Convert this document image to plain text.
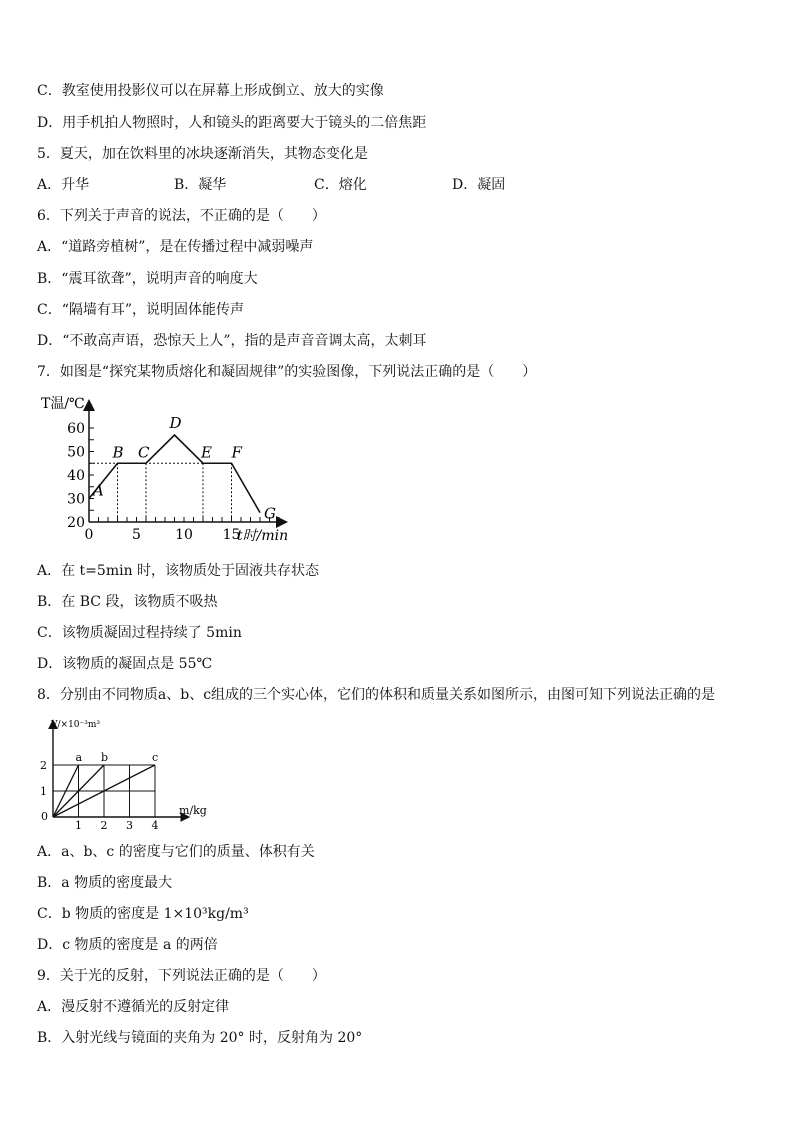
C．教室使用投影仪可以在屏幕上形成倒立、放大的实像

D．用手机拍人物照时，人和镜头的距离要大于镜头的二倍焦距

5．夏天，加在饮料里的冰块逐渐消失，其物态变化是

A．升华	B．凝华	C．熔化	D．凝固

6．下列关于声音的说法，不正确的是（　　）

A．“道路旁植树”，是在传播过程中减弱噪声

B．“震耳欲聋”，说明声音的响度大

C．“隔墙有耳”，说明固体能传声

D．“不敢高声语，恐惊天上人”，指的是声音音调太高，太刺耳

7．如图是“探究某物质熔化和凝固规律”的实验图像，下列说法正确的是（　　）

0	5 10 15
20
30
40
50
60
A
B C
D
E F
G
T温/℃
t时/min

A．在 t=5min 时，该物质处于固液共存状态

B．在 BC 段，该物质不吸热

C．该物质凝固过程持续了 5min

D．该物质的凝固点是 55℃

8．分别由不同物质a、b、c组成的三个实心体，它们的体积和质量关系如图所示，由图可知下列说法正确的是

a b	c
1 2 3 4
1
2
V/×10⁻³m³
m/kg
0

A．a、b、c 的密度与它们的质量、体积有关

B．a 物质的密度最大

C．b 物质的密度是 1×10³kg/m³

D．c 物质的密度是 a 的两倍

9．关于光的反射，下列说法正确的是（　　）

A．漫反射不遵循光的反射定律

B．入射光线与镜面的夹角为 20° 时，反射角为 20°
